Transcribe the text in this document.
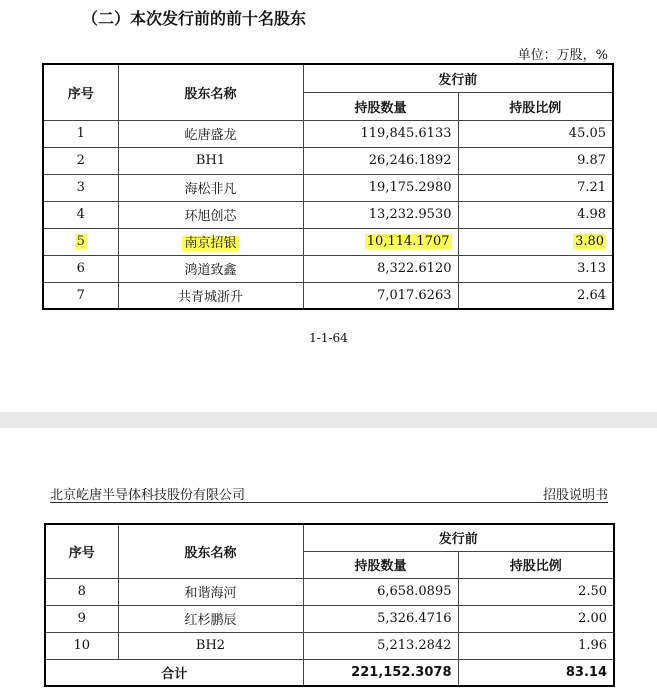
（二）本次发行前的前十名股东
单位：万股，%
序号	股东名称	发行前	
		持股数量	持股比例
1	屹唐盛龙	119,845.6133	45.05
2	BH1	26,246.1892	9.87
3	海松非凡	19,175.2980	7.21
4	环旭创芯	13,232.9530	4.98
5	南京招银	10,114.1707	3.80
6	鸿道致鑫	8,322.6120	3.13
7	共青城浙升	7,017.6263	2.64
1-1-64
北京屹唐半导体科技股份有限公司	招股说明书
序号	股东名称	发行前	
		持股数量	持股比例
8	和谐海河	6,658.0895	2.50
9	红杉鹏辰	5,326.4716	2.00
10	BH2	5,213.2842	1.96
合计		221,152.3078	83.14
